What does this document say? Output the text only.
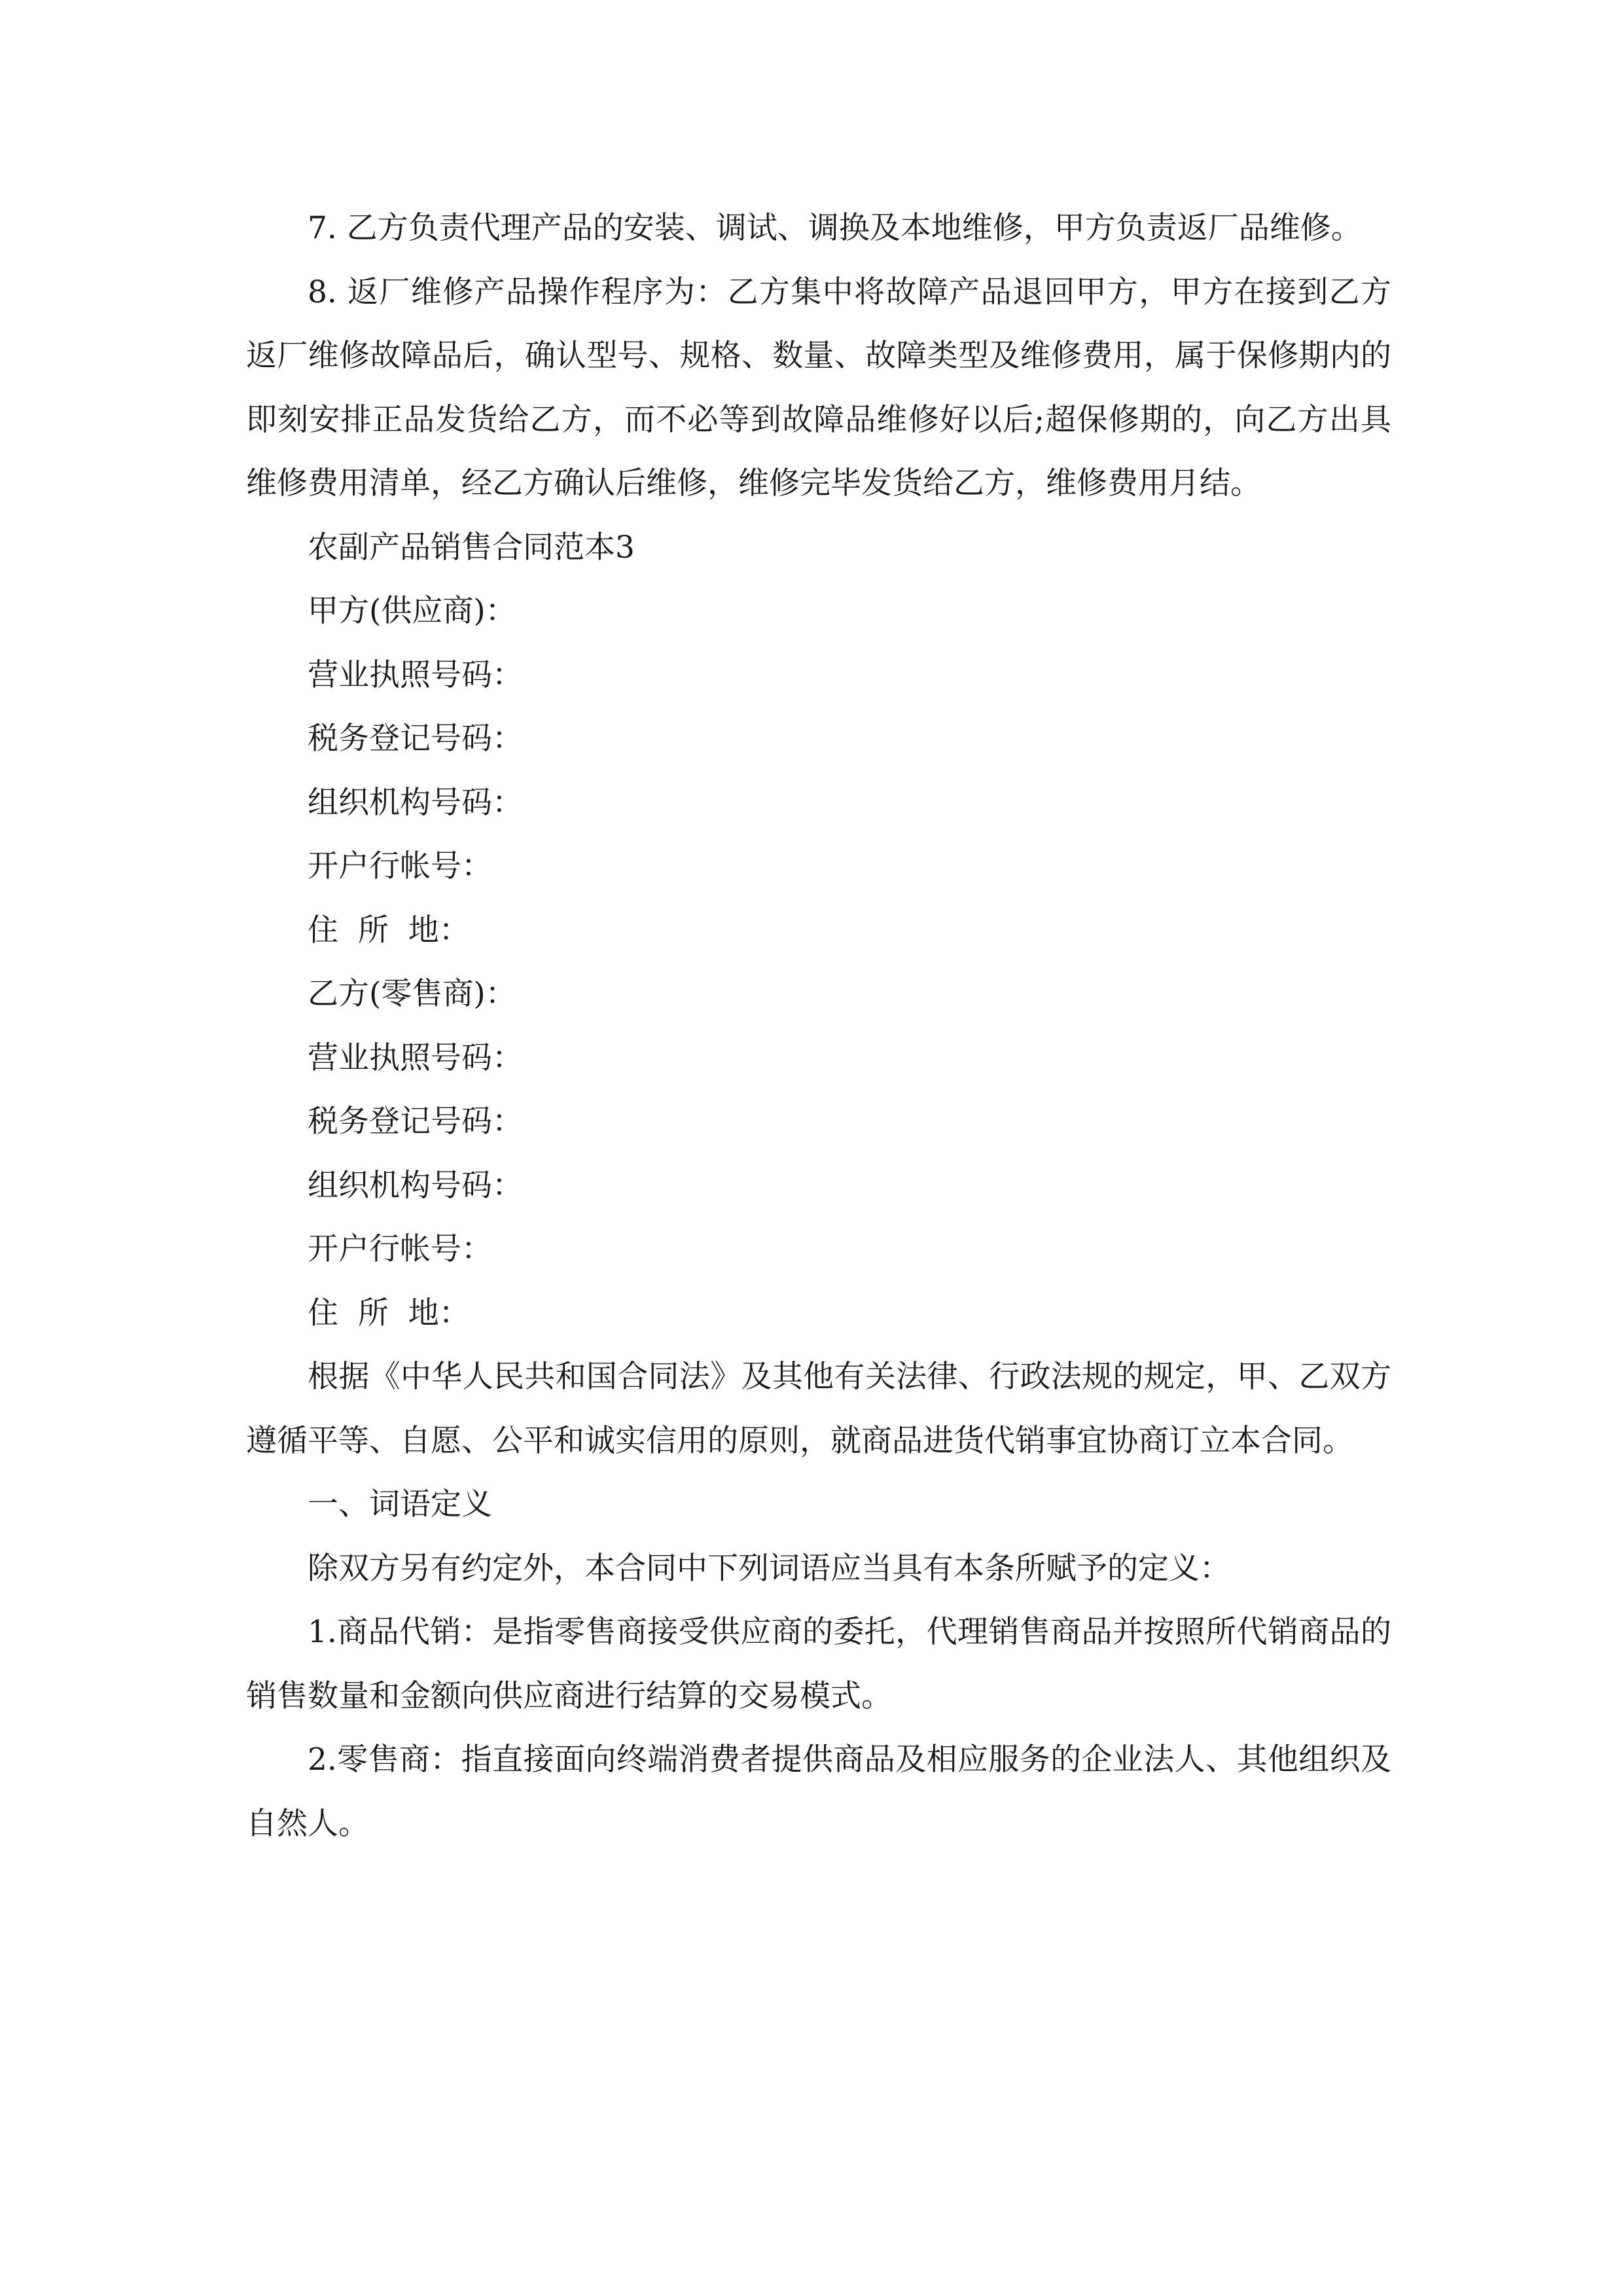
7. 乙方负责代理产品的安装、调试、调换及本地维修，甲方负责返厂品维修。

8. 返厂维修产品操作程序为：乙方集中将故障产品退回甲方，甲方在接到乙方返厂维修故障品后，确认型号、规格、数量、故障类型及维修费用，属于保修期内的即刻安排正品发货给乙方，而不必等到故障品维修好以后;超保修期的，向乙方出具维修费用清单，经乙方确认后维修，维修完毕发货给乙方，维修费用月结。

农副产品销售合同范本3

甲方(供应商)：

营业执照号码：

税务登记号码：

组织机构号码：

开户行帐号：

住  所  地：

乙方(零售商)：

营业执照号码：

税务登记号码：

组织机构号码：

开户行帐号：

住  所  地：

根据《中华人民共和国合同法》及其他有关法律、行政法规的规定，甲、乙双方遵循平等、自愿、公平和诚实信用的原则，就商品进货代销事宜协商订立本合同。

一、词语定义

除双方另有约定外，本合同中下列词语应当具有本条所赋予的定义：

1.商品代销：是指零售商接受供应商的委托，代理销售商品并按照所代销商品的销售数量和金额向供应商进行结算的交易模式。

2.零售商：指直接面向终端消费者提供商品及相应服务的企业法人、其他组织及自然人。
